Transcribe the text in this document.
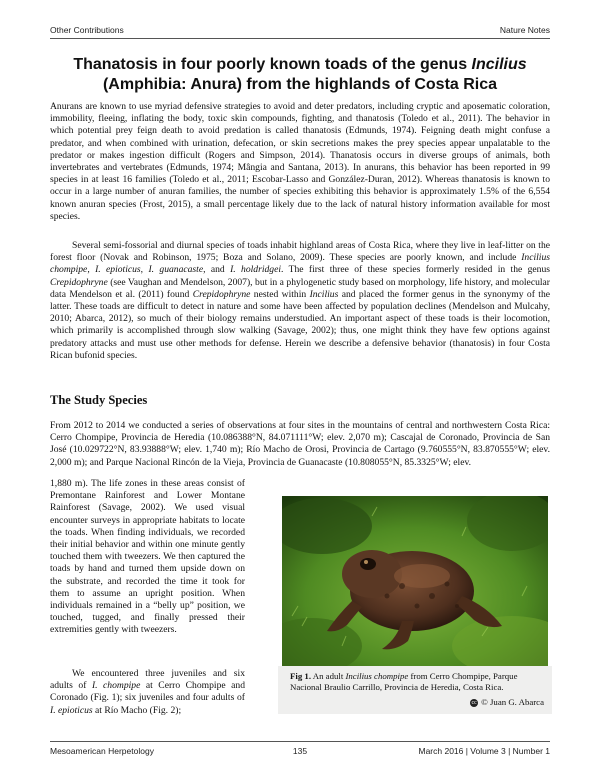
Other Contributions	Nature Notes
Thanatosis in four poorly known toads of the genus Incilius
(Amphibia: Anura) from the highlands of Costa Rica

Anurans are known to use myriad defensive strategies to avoid and deter predators, including cryptic and aposematic coloration, immobility, fleeing, inflating the body, toxic skin compounds, fighting, and thanatosis (Toledo et al., 2011). The behavior in which potential prey feign death to avoid predation is called thanatosis (Edmunds, 1974). Feigning death might confuse a predator, and when combined with urination, defecation, or skin secretions makes the prey species appear unpalatable to the predator or makes ingestion difficult (Rogers and Simpson, 2014). Thanatosis occurs in diverse groups of animals, both invertebrates and vertebrates (Edmunds, 1974; Mângia and Santana, 2013). In anurans, this behavior has been reported in 99 species in at least 16 families (Toledo et al., 2011; Escobar-Lasso and González-Duran, 2012). Whereas thanatosis is known to occur in a large number of anuran families, the number of species exhibiting this behavior is approximately 1.5% of the 6,554 known anuran species (Frost, 2015), a small percentage likely due to the lack of natural history information available for most species.

Several semi-fossorial and diurnal species of toads inhabit highland areas of Costa Rica, where they live in leaf-litter on the forest floor (Novak and Robinson, 1975; Boza and Solano, 2009). These species are poorly known, and include Incilius chompipe, I. epioticus, I. guanacaste, and I. holdridgei. The first three of these species formerly resided in the genus Crepidophryne (see Vaughan and Mendelson, 2007), but in a phylogenetic study based on morphology, life history, and molecular data Mendelson et al. (2011) found Crepidophryne nested within Incilius and placed the former genus in the synonymy of the latter. These toads are difficult to detect in nature and some have been affected by population declines (Mendelson and Mulcahy, 2010; Abarca, 2012), so much of their biology remains understudied. An important aspect of these toads is their locomotion, which primarily is accomplished through slow walking (Savage, 2002); thus, one might think they have few options against predatory attacks and must use other methods for defense. Herein we describe a defensive behavior (thanatosis) in four Costa Rican bufonid species.

The Study Species

From 2012 to 2014 we conducted a series of observations at four sites in the mountains of central and northwestern Costa Rica: Cerro Chompipe, Provincia de Heredia (10.086388°N, 84.071111°W; elev. 2,070 m); Cascajal de Coronado, Provincia de San José (10.029722°N, 83.93888°W; elev. 1,740 m); Río Macho de Orosi, Provincia de Cartago (9.760555°N, 83.870555°W; elev. 2,000 m); and Parque Nacional Rincón de la Vieja, Provincia de Guanacaste (10.808055°N, 85.3325°W; elev.

1,880 m). The life zones in these areas consist of Premontane Rainforest and Lower Montane Rainforest (Savage, 2002). We used visual encounter surveys in appropriate habitats to locate the toads. When finding individuals, we recorded their initial behavior and within one minute gently touched them with tweezers. We then captured the toads by hand and turned them upside down on the substrate, and recorded the time it took for them to assume an upright position. When individuals remained in a “belly up” position, we touched, tugged, and finally pressed their extremities gently with tweezers.

We encountered three juveniles and six adults of I. chompipe at Cerro Chompipe and Coronado (Fig. 1); six juveniles and four adults of I. epioticus at Río Macho (Fig. 2);

Fig 1. An adult Incilius chompipe from Cerro Chompipe, Parque Nacional Braulio Carrillo, Provincia de Heredia, Costa Rica.
cc © Juan G. Abarca
Mesoamerican Herpetology	135	March 2016 | Volume 3 | Number 1
